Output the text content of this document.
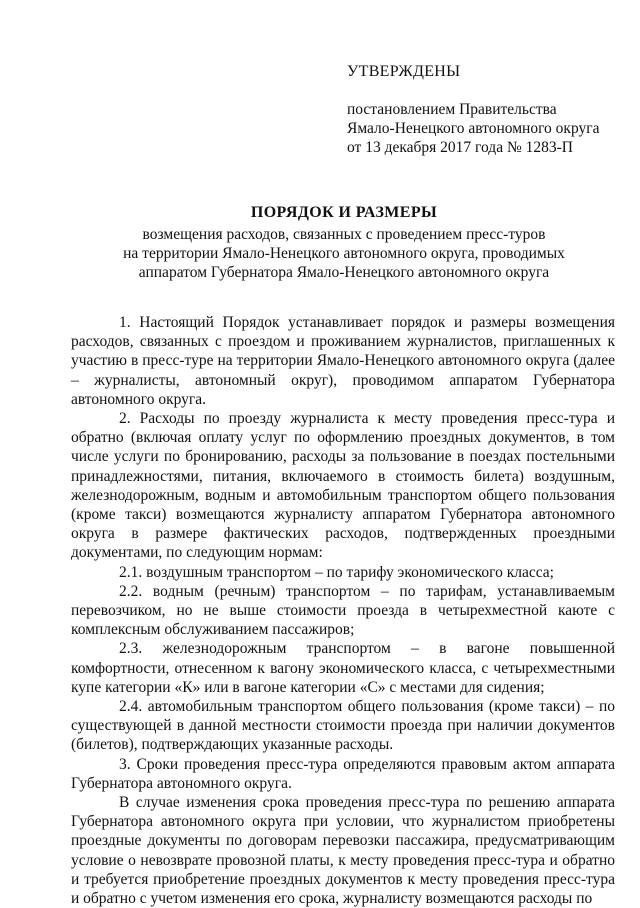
УТВЕРЖДЕНЫ

постановлением Правительства

Ямало-Ненецкого автономного округа

от 13 декабря 2017 года № 1283-П

ПОРЯДОК И РАЗМЕРЫ

возмещения расходов, связанных с проведением пресс-туров

на территории Ямало-Ненецкого автономного округа, проводимых

аппаратом Губернатора Ямало-Ненецкого автономного округа

1. Настоящий Порядок устанавливает порядок и размеры возмещения расходов, связанных с проездом и проживанием журналистов, приглашенных к участию в пресс-туре на территории Ямало-Ненецкого автономного округа (далее – журналисты, автономный округ), проводимом аппаратом Губернатора автономного округа.

2. Расходы по проезду журналиста к месту проведения пресс-тура и обратно (включая оплату услуг по оформлению проездных документов, в том числе услуги по бронированию, расходы за пользование в поездах постельными принадлежностями, питания, включаемого в стоимость билета) воздушным, железнодорожным, водным и автомобильным транспортом общего пользования (кроме такси) возмещаются журналисту аппаратом Губернатора автономного округа в размере фактических расходов, подтвержденных проездными документами, по следующим нормам:

2.1. воздушным транспортом – по тарифу экономического класса;

2.2. водным (речным) транспортом – по тарифам, устанавливаемым перевозчиком, но не выше стоимости проезда в четырехместной каюте с комплексным обслуживанием пассажиров;

2.3. железнодорожным транспортом – в вагоне повышенной комфортности, отнесенном к вагону экономического класса, с четырехместными купе категории «К» или в вагоне категории «С» с местами для сидения;

2.4. автомобильным транспортом общего пользования (кроме такси) – по существующей в данной местности стоимости проезда при наличии документов (билетов), подтверждающих указанные расходы.

3. Сроки проведения пресс-тура определяются правовым актом аппарата Губернатора автономного округа.

В случае изменения срока проведения пресс-тура по решению аппарата Губернатора автономного округа при условии, что журналистом приобретены проездные документы по договорам перевозки пассажира, предусматривающим условие о невозврате провозной платы, к месту проведения пресс-тура и обратно и требуется приобретение проездных документов к месту проведения пресс-тура и обратно с учетом изменения его срока, журналисту возмещаются расходы по
